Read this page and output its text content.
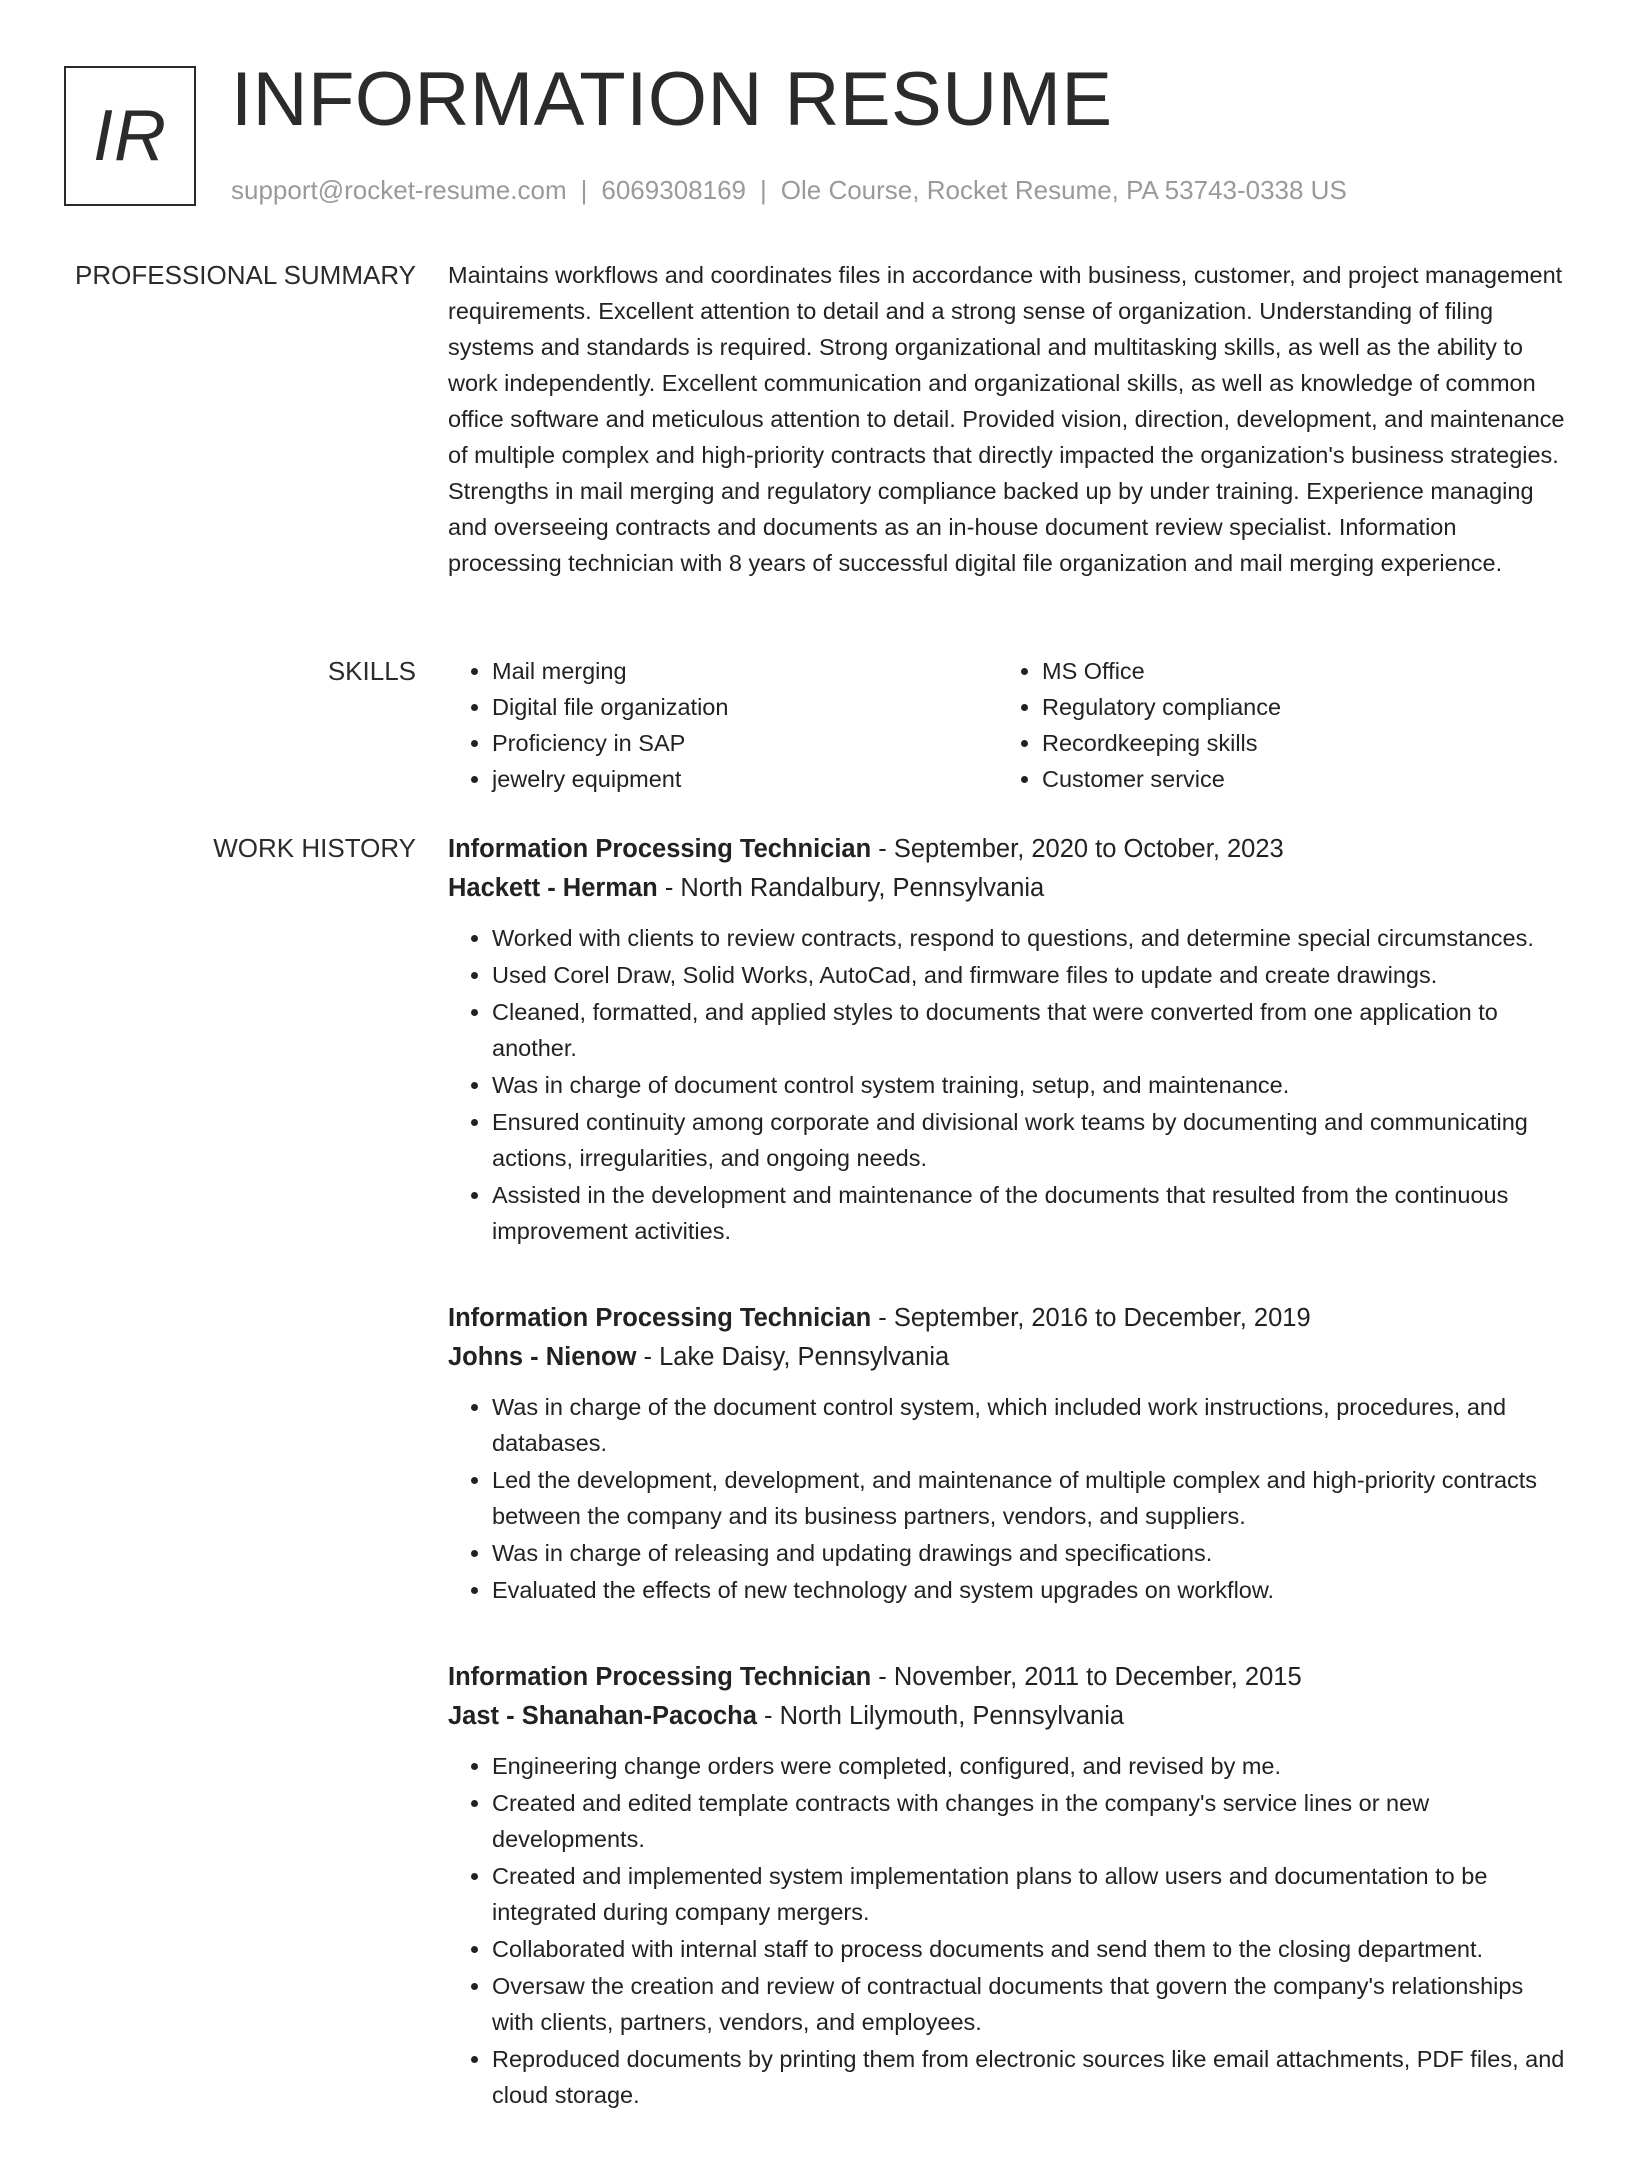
IR INFORMATION RESUME
support@rocket-resume.com | 6069308169 | Ole Course, Rocket Resume, PA 53743-0338 US
PROFESSIONAL SUMMARY Maintains workflows and coordinates files in accordance with business, customer, and project management requirements. Excellent attention to detail and a strong sense of organization. Understanding of filing systems and standards is required. Strong organizational and multitasking skills, as well as the ability to work independently. Excellent communication and organizational skills, as well as knowledge of common office software and meticulous attention to detail. Provided vision, direction, development, and maintenance of multiple complex and high-priority contracts that directly impacted the organization's business strategies. Strengths in mail merging and regulatory compliance backed up by under training. Experience managing and overseeing contracts and documents as an in-house document review specialist. Information processing technician with 8 years of successful digital file organization and mail merging experience.

SKILLS
•	Mail merging
• Digital file organization
• Proficiency in SAP
• jewelry equipment
• MS Office
• Regulatory compliance
• Recordkeeping skills
• Customer service
WORK HISTORY Information Processing Technician - September, 2020 to October, 2023
Hackett - Herman - North Randalbury, Pennsylvania
• Worked with clients to review contracts, respond to questions, and determine special circumstances.
• Used Corel Draw, Solid Works, AutoCad, and firmware files to update and create drawings.
• Cleaned, formatted, and applied styles to documents that were converted from one application to another.
• Was in charge of document control system training, setup, and maintenance.
• Ensured continuity among corporate and divisional work teams by documenting and communicating actions, irregularities, and ongoing needs.
• Assisted in the development and maintenance of the documents that resulted from the continuous improvement activities.
Information Processing Technician - September, 2016 to December, 2019
Johns - Nienow - Lake Daisy, Pennsylvania
• Was in charge of the document control system, which included work instructions, procedures, and databases.
• Led the development, development, and maintenance of multiple complex and high-priority contracts between the company and its business partners, vendors, and suppliers.
• Was in charge of releasing and updating drawings and specifications.
• Evaluated the effects of new technology and system upgrades on workflow.
Information Processing Technician - November, 2011 to December, 2015
Jast - Shanahan-Pacocha - North Lilymouth, Pennsylvania
• Engineering change orders were completed, configured, and revised by me.
• Created and edited template contracts with changes in the company's service lines or new developments.
• Created and implemented system implementation plans to allow users and documentation to be integrated during company mergers.
• Collaborated with internal staff to process documents and send them to the closing department.
• Oversaw the creation and review of contractual documents that govern the company's relationships with clients, partners, vendors, and employees.
• Reproduced documents by printing them from electronic sources like email attachments, PDF files, and cloud storage.
